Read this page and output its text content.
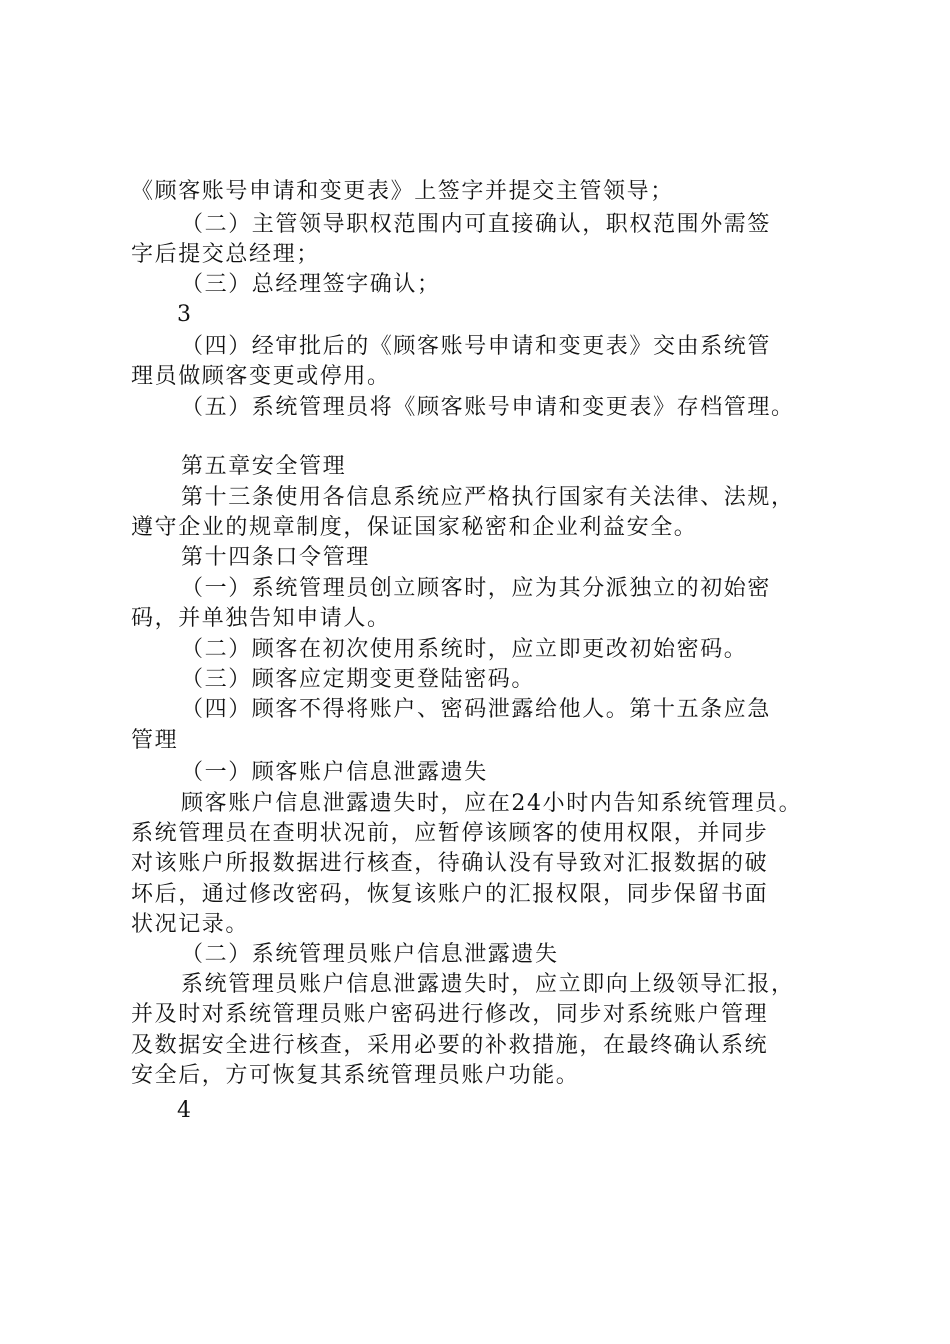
《顾客账号申请和变更表》上签字并提交主管领导；
（二）主管领导职权范围内可直接确认，职权范围外需签
字后提交总经理；
（三）总经理签字确认；
3
（四）经审批后的《顾客账号申请和变更表》交由系统管
理员做顾客变更或停用。
（五）系统管理员将《顾客账号申请和变更表》存档管理。
第五章安全管理
第十三条使用各信息系统应严格执行国家有关法律、法规，
遵守企业的规章制度，保证国家秘密和企业利益安全。
第十四条口令管理
（一）系统管理员创立顾客时，应为其分派独立的初始密
码，并单独告知申请人。
（二）顾客在初次使用系统时，应立即更改初始密码。
（三）顾客应定期变更登陆密码。
（四）顾客不得将账户、密码泄露给他人。第十五条应急
管理
（一）顾客账户信息泄露遗失
顾客账户信息泄露遗失时，应在24小时内告知系统管理员。
系统管理员在查明状况前，应暂停该顾客的使用权限，并同步
对该账户所报数据进行核查，待确认没有导致对汇报数据的破
坏后，通过修改密码，恢复该账户的汇报权限，同步保留书面
状况记录。
（二）系统管理员账户信息泄露遗失
系统管理员账户信息泄露遗失时，应立即向上级领导汇报，
并及时对系统管理员账户密码进行修改，同步对系统账户管理
及数据安全进行核查，采用必要的补救措施，在最终确认系统
安全后，方可恢复其系统管理员账户功能。
4
